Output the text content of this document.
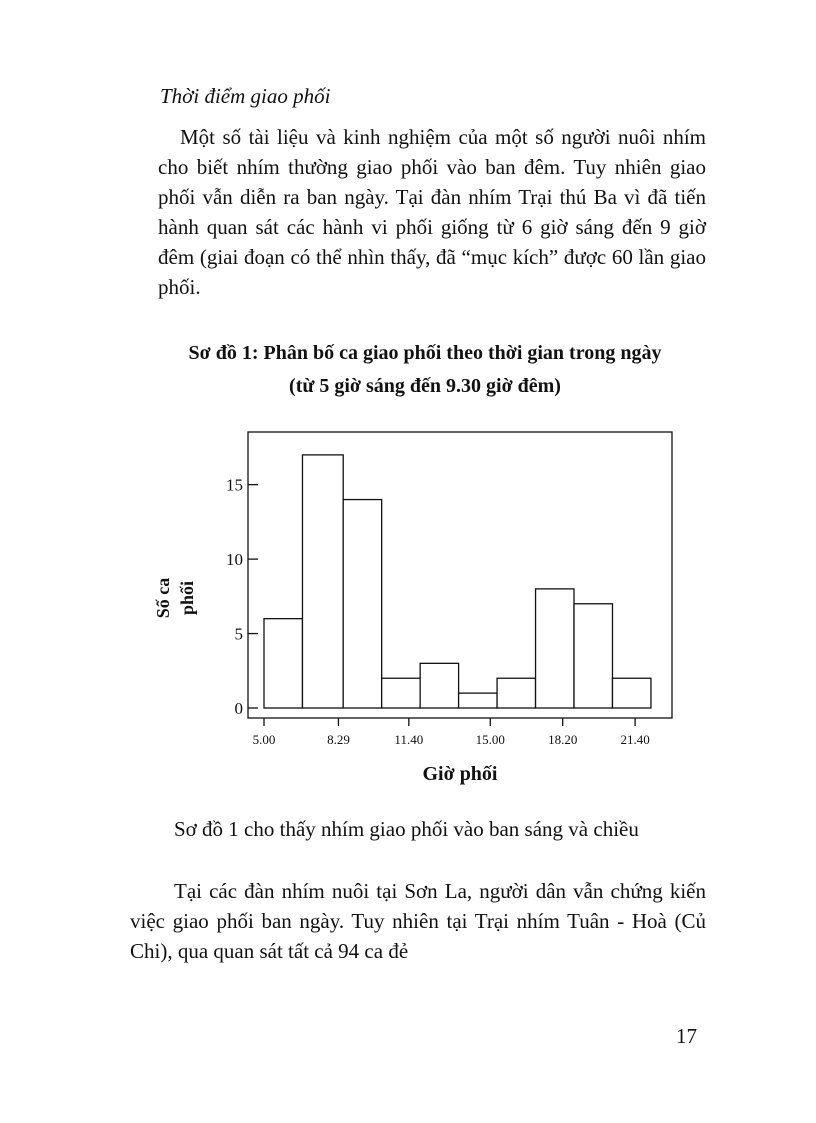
Thời điểm giao phối

Một số tài liệu và kinh nghiệm của một số người nuôi nhím cho biết nhím thường giao phối vào ban đêm. Tuy nhiên giao phối vẫn diễn ra ban ngày. Tại đàn nhím Trại thú Ba vì đã tiến hành quan sát các hành vi phối giống từ 6 giờ sáng đến 9 giờ đêm (giai đoạn có thể nhìn thấy, đã “mục kích” được 60 lần giao phối.

Sơ đồ 1: Phân bố ca giao phối theo thời gian trong ngày
(từ 5 giờ sáng đến 9.30 giờ đêm)
0
5
10
15
5.00	8.29	11.40	15.00	18.20	21.40
Số ca phối
Giờ phối

Sơ đồ 1 cho thấy nhím giao phối vào ban sáng và chiều

Tại các đàn nhím nuôi tại Sơn La, người dân vẫn chứng kiến việc giao phối ban ngày. Tuy nhiên tại Trại nhím Tuân - Hoà (Củ Chi), qua quan sát tất cả 94 ca đẻ

17
